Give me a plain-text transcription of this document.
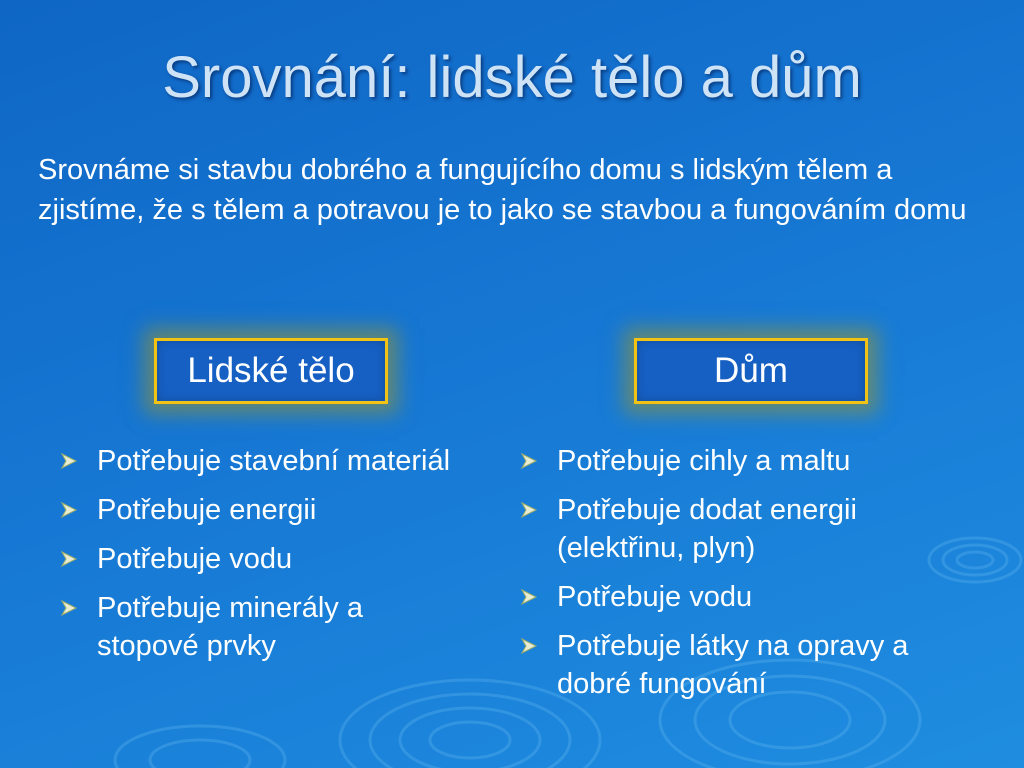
Srovnání: lidské tělo a dům

Srovnáme si stavbu dobrého a fungujícího domu s lidským tělem a zjistíme, že s tělem a potravou je to jako se stavbou a fungováním domu

Lidské tělo	Dům
Potřebuje stavební materiál
Potřebuje energii
Potřebuje vodu
Potřebuje minerály a stopové prvky
Potřebuje cihly a maltu
Potřebuje dodat energii (elektřinu, plyn)
Potřebuje vodu
Potřebuje látky na opravy a dobré fungování
